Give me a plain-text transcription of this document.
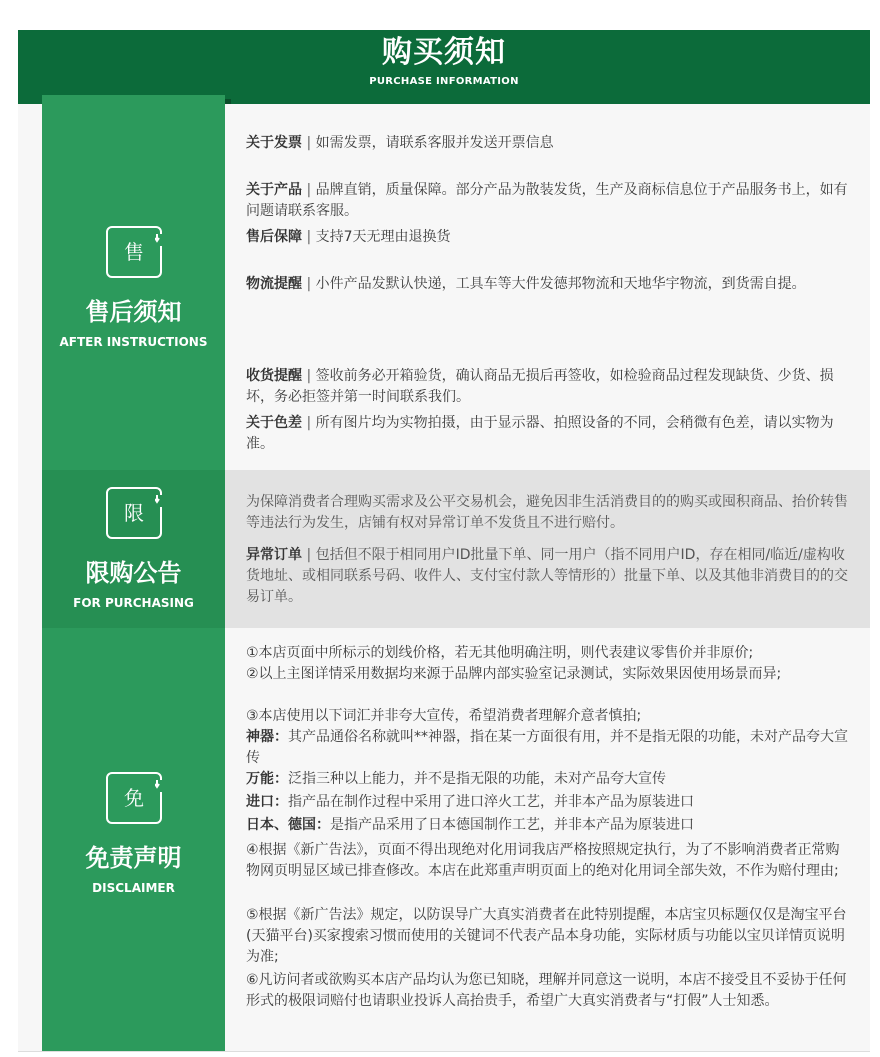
购买须知
PURCHASE INFORMATION
售
售后须知
AFTER INSTRUCTIONS
限
限购公告
FOR PURCHASING
免
免责声明
DISCLAIMER
关于发票 | 如需发票，请联系客服并发送开票信息
关于产品 | 品牌直销，质量保障。部分产品为散装发货，生产及商标信息位于产品服务书上，如有问题请联系客服。
售后保障 | 支持7天无理由退换货
物流提醒 | 小件产品发默认快递，工具车等大件发德邦物流和天地华宇物流，到货需自提。
收货提醒 | 签收前务必开箱验货，确认商品无损后再签收，如检验商品过程发现缺货、少货、损坏，务必拒签并第一时间联系我们。
关于色差 | 所有图片均为实物拍摄，由于显示器、拍照设备的不同，会稍微有色差，请以实物为准。
为保障消费者合理购买需求及公平交易机会，避免因非生活消费目的的购买或囤积商品、抬价转售等违法行为发生，店铺有权对异常订单不发货且不进行赔付。
异常订单 | 包括但不限于相同用户ID批量下单、同一用户（指不同用户ID，存在相同/临近/虚构收货地址、或相同联系号码、收件人、支付宝付款人等情形的）批量下单、以及其他非消费目的的交易订单。
①本店页面中所标示的划线价格，若无其他明确注明，则代表建议零售价并非原价;
②以上主图详情采用数据均来源于品牌内部实验室记录测试，实际效果因使用场景而异;
③本店使用以下词汇并非夸大宣传，希望消费者理解介意者慎拍;
神器：其产品通俗名称就叫**神器，指在某一方面很有用，并不是指无限的功能，未对产品夸大宣传
万能：泛指三种以上能力，并不是指无限的功能，未对产品夸大宣传
进口：指产品在制作过程中采用了进口淬火工艺，并非本产品为原装进口
日本、德国：是指产品采用了日本德国制作工艺，并非本产品为原装进口
④根据《新广告法》，页面不得出现绝对化用词我店严格按照规定执行，为了不影响消费者正常购物网页明显区域已排查修改。本店在此郑重声明页面上的绝对化用词全部失效，不作为赔付理由;
⑤根据《新广告法》规定，以防误导广大真实消费者在此特别提醒，本店宝贝标题仅仅是淘宝平台(天猫平台)买家搜索习惯而使用的关键词不代表产品本身功能，实际材质与功能以宝贝详情页说明为准;
⑥凡访问者或欲购买本店产品均认为您已知晓，理解并同意这一说明，本店不接受且不妥协于任何形式的极限词赔付也请职业投诉人高抬贵手，希望广大真实消费者与“打假”人士知悉。
